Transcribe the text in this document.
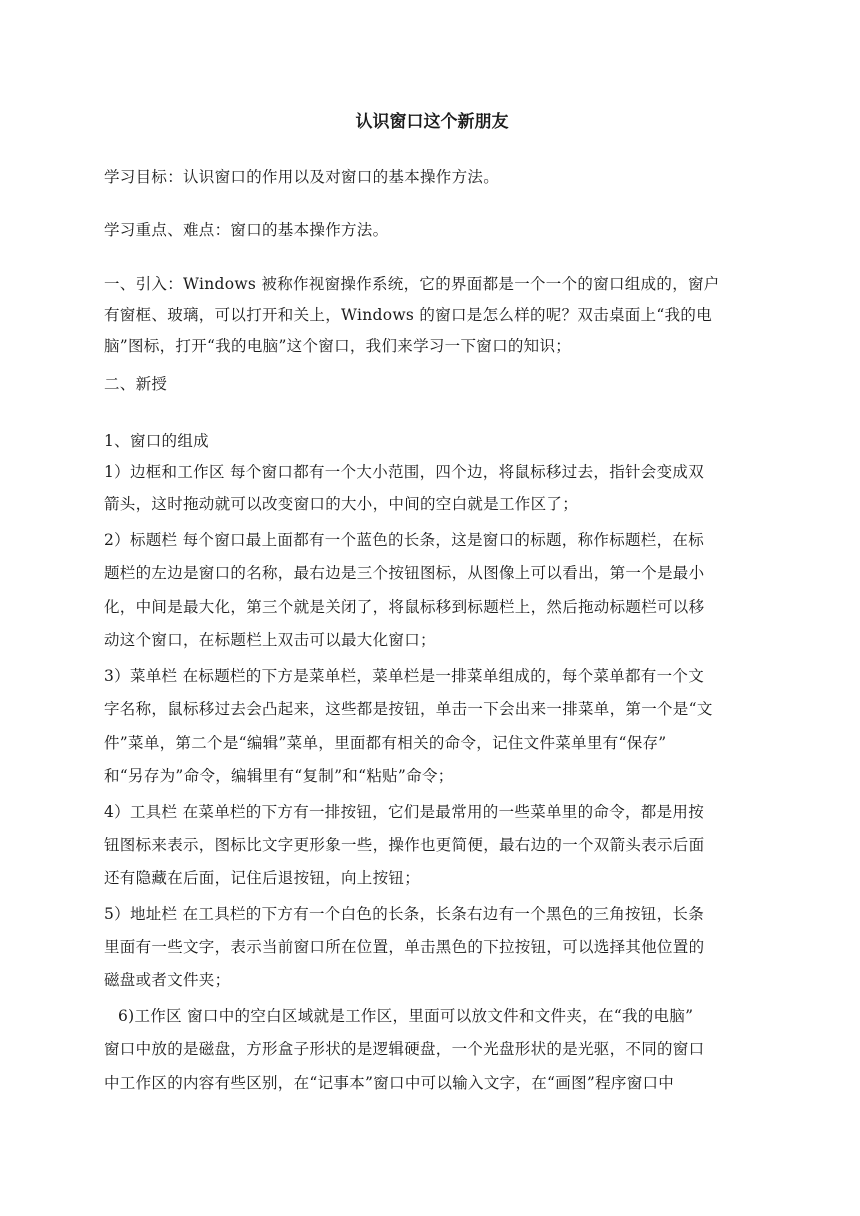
认识窗口这个新朋友
学习目标：认识窗口的作用以及对窗口的基本操作方法。
学习重点、难点：窗口的基本操作方法。
一、引入：Windows 被称作视窗操作系统，它的界面都是一个一个的窗口组成的，窗户
有窗框、玻璃，可以打开和关上，Windows 的窗口是怎么样的呢？双击桌面上“我的电
脑”图标，打开“我的电脑”这个窗口，我们来学习一下窗口的知识；
二、新授
1、窗口的组成
1）边框和工作区 每个窗口都有一个大小范围，四个边，将鼠标移过去，指针会变成双
箭头，这时拖动就可以改变窗口的大小，中间的空白就是工作区了；
2）标题栏 每个窗口最上面都有一个蓝色的长条，这是窗口的标题，称作标题栏，在标
题栏的左边是窗口的名称，最右边是三个按钮图标，从图像上可以看出，第一个是最小
化，中间是最大化，第三个就是关闭了，将鼠标移到标题栏上，然后拖动标题栏可以移
动这个窗口，在标题栏上双击可以最大化窗口；
3）菜单栏 在标题栏的下方是菜单栏，菜单栏是一排菜单组成的，每个菜单都有一个文
字名称，鼠标移过去会凸起来，这些都是按钮，单击一下会出来一排菜单，第一个是“文
件”菜单，第二个是“编辑”菜单，里面都有相关的命令，记住文件菜单里有“保存”
和“另存为”命令，编辑里有“复制”和“粘贴”命令；
4）工具栏 在菜单栏的下方有一排按钮，它们是最常用的一些菜单里的命令，都是用按
钮图标来表示，图标比文字更形象一些，操作也更简便，最右边的一个双箭头表示后面
还有隐藏在后面，记住后退按钮，向上按钮；
5）地址栏 在工具栏的下方有一个白色的长条，长条右边有一个黑色的三角按钮，长条
里面有一些文字，表示当前窗口所在位置，单击黑色的下拉按钮，可以选择其他位置的
磁盘或者文件夹；
6)工作区 窗口中的空白区域就是工作区，里面可以放文件和文件夹，在“我的电脑”
窗口中放的是磁盘，方形盒子形状的是逻辑硬盘，一个光盘形状的是光驱，不同的窗口
中工作区的内容有些区别，在“记事本”窗口中可以输入文字，在“画图”程序窗口中
